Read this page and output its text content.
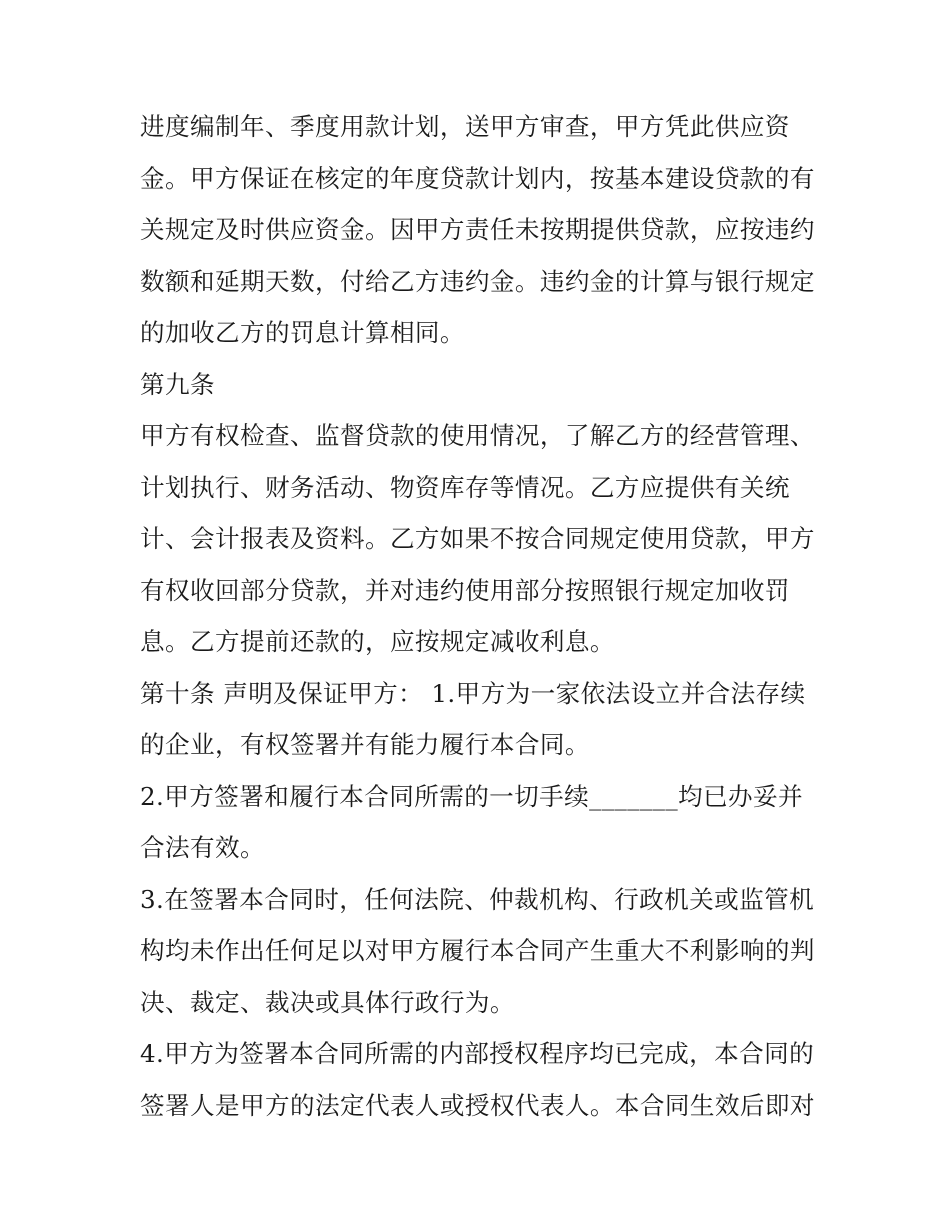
进度编制年、季度用款计划，送甲方审查，甲方凭此供应资
金。甲方保证在核定的年度贷款计划内，按基本建设贷款的有
关规定及时供应资金。因甲方责任未按期提供贷款，应按违约
数额和延期天数，付给乙方违约金。违约金的计算与银行规定
的加收乙方的罚息计算相同。
第九条
甲方有权检查、监督贷款的使用情况，了解乙方的经营管理、
计划执行、财务活动、物资库存等情况。乙方应提供有关统
计、会计报表及资料。乙方如果不按合同规定使用贷款，甲方
有权收回部分贷款，并对违约使用部分按照银行规定加收罚
息。乙方提前还款的，应按规定减收利息。
第十条 声明及保证甲方： 1.甲方为一家依法设立并合法存续
的企业，有权签署并有能力履行本合同。
2.甲方签署和履行本合同所需的一切手续_______均已办妥并
合法有效。
3.在签署本合同时，任何法院、仲裁机构、行政机关或监管机
构均未作出任何足以对甲方履行本合同产生重大不利影响的判
决、裁定、裁决或具体行政行为。
4.甲方为签署本合同所需的内部授权程序均已完成，本合同的
签署人是甲方的法定代表人或授权代表人。本合同生效后即对
